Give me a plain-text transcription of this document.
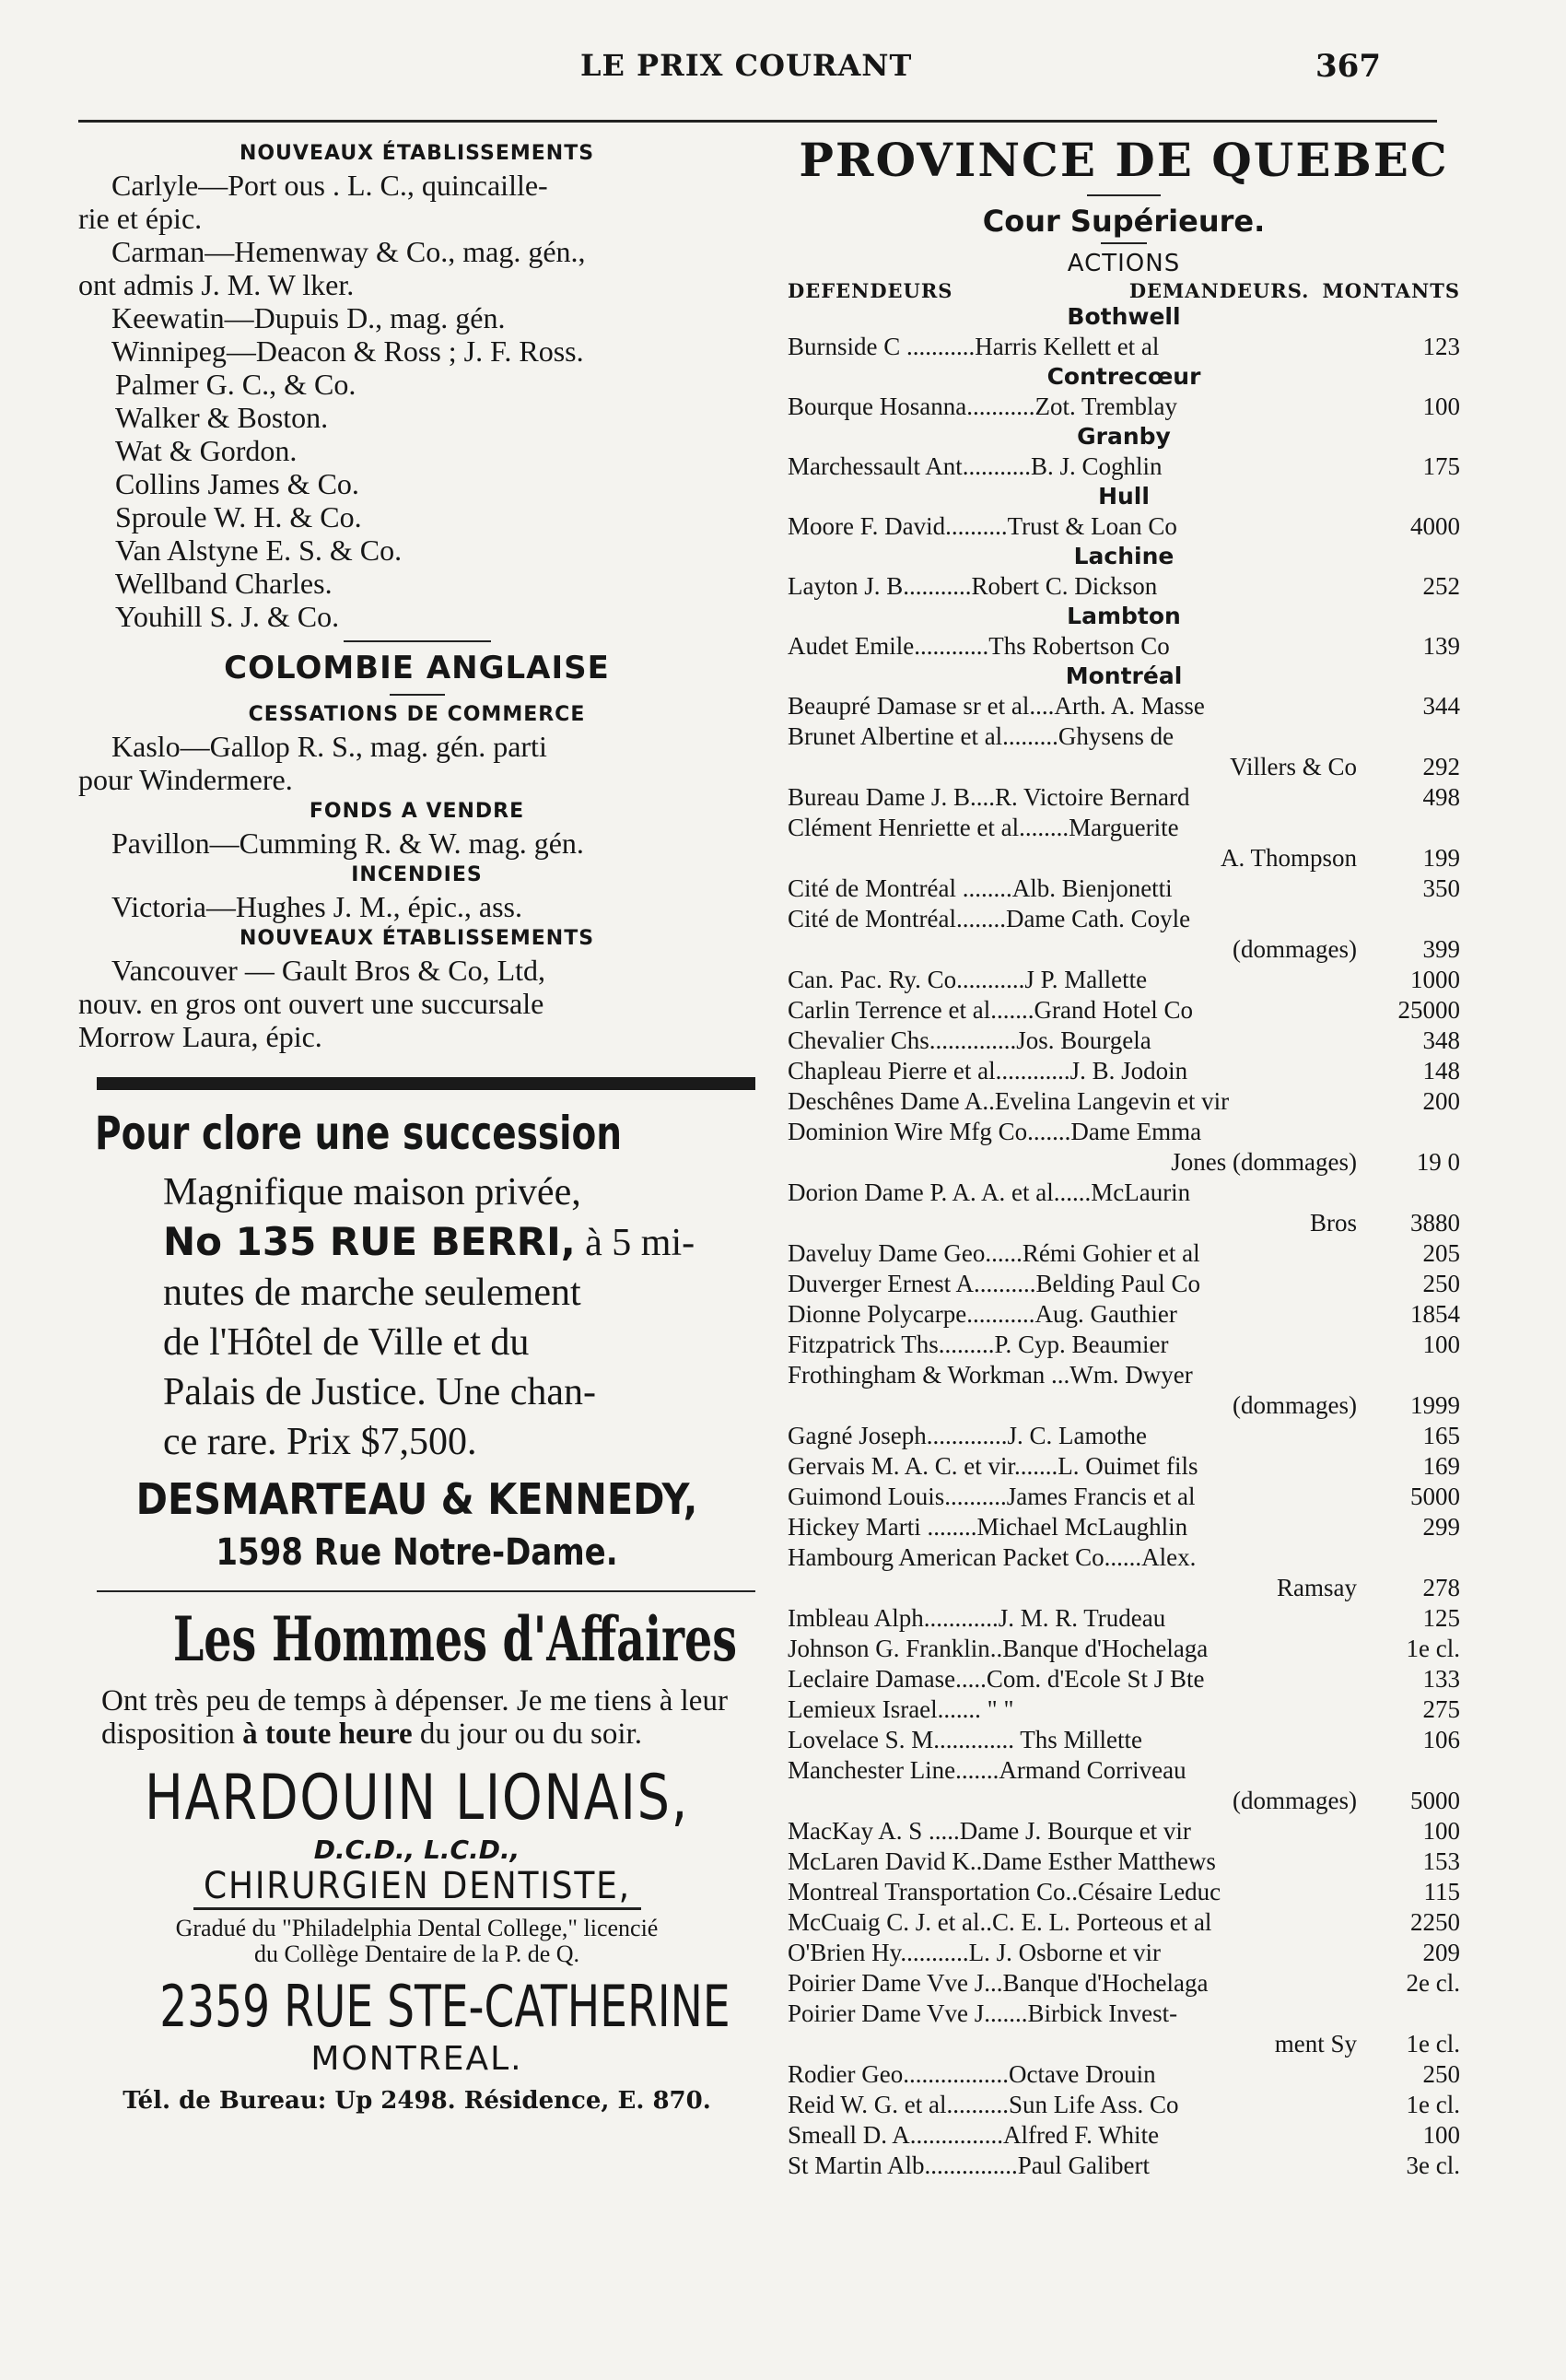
LE PRIX COURANT	367
NOUVEAUX ÉTABLISSEMENTS

Carlyle—Port ous . L. C., quincaille-

rie et épic.

Carman—Hemenway & Co., mag. gén.,

ont admis J. M. W lker.

Keewatin—Dupuis D., mag. gén.

Winnipeg—Deacon & Ross ; J. F. Ross.

Palmer G. C., & Co.

Walker & Boston.

Wat & Gordon.

Collins James & Co.

Sproule W. H. & Co.

Van Alstyne E. S. & Co.

Wellband Charles.

Youhill S. J. & Co.

COLOMBIE ANGLAISE
CESSATIONS DE COMMERCE

Kaslo—Gallop R. S., mag. gén. parti

pour Windermere.

FONDS A VENDRE

Pavillon—Cumming R. & W. mag. gén.

INCENDIES

Victoria—Hughes J. M., épic., ass.

NOUVEAUX ÉTABLISSEMENTS

Vancouver — Gault Bros & Co, Ltd,

nouv. en gros ont ouvert une succursale

Morrow Laura, épic.

Pour clore une succession
Magnifique maison privée,
No 135 RUE BERRI, à 5 mi-
nutes de marche seulement
de l'Hôtel de Ville et du
Palais de Justice. Une chan-
ce rare. Prix $7,500.
DESMARTEAU & KENNEDY,
1598 Rue Notre-Dame.
Les Hommes d'Affaires
Ont très peu de temps à dépenser. Je me tiens à leur disposition à toute heure du jour ou du soir.
HARDOUIN LIONAIS,
D.C.D., L.C.D.,
CHIRURGIEN DENTISTE,
Gradué du "Philadelphia Dental College," licencié
du Collège Dentaire de la P. de Q.
2359 RUE STE-CATHERINE
MONTREAL.
Tél. de Bureau: Up 2498. Résidence, E. 870.
PROVINCE DE QUEBEC
Cour Supérieure.
ACTIONS
DEFENDEURS	DEMANDEURS. MONTANTS
Bothwell
Burnside C ...........Harris Kellett et al	123
Contrecœur
Bourque Hosanna...........Zot. Tremblay	100
Granby
Marchessault Ant...........B. J. Coghlin	175
Hull
Moore F. David..........Trust & Loan Co	4000
Lachine
Layton J. B...........Robert C. Dickson	252
Lambton
Audet Emile............Ths Robertson Co	139
Montréal
Beaupré Damase sr et al....Arth. A. Masse	344
Brunet Albertine et al.........Ghysens de
Villers & Co	292
Bureau Dame J. B....R. Victoire Bernard	498
Clément Henriette et al........Marguerite
A. Thompson	199
Cité de Montréal ........Alb. Bienjonetti	350
Cité de Montréal........Dame Cath. Coyle
(dommages)	399
Can. Pac. Ry. Co...........J P. Mallette	1000
Carlin Terrence et al.......Grand Hotel Co	25000
Chevalier Chs..............Jos. Bourgela	348
Chapleau Pierre et al............J. B. Jodoin	148
Deschênes Dame A..Evelina Langevin et vir	200
Dominion Wire Mfg Co.......Dame Emma
Jones (dommages)	19 0
Dorion Dame P. A. A. et al......McLaurin
Bros	3880
Daveluy Dame Geo......Rémi Gohier et al	205
Duverger Ernest A..........Belding Paul Co	250
Dionne Polycarpe...........Aug. Gauthier	1854
Fitzpatrick Ths.........P. Cyp. Beaumier	100
Frothingham & Workman ...Wm. Dwyer
(dommages)	1999
Gagné Joseph.............J. C. Lamothe	165
Gervais M. A. C. et vir.......L. Ouimet fils	169
Guimond Louis..........James Francis et al	5000
Hickey Marti ........Michael McLaughlin	299
Hambourg American Packet Co......Alex.
Ramsay	278
Imbleau Alph............J. M. R. Trudeau	125
Johnson G. Franklin..Banque d'Hochelaga	1e cl.
Leclaire Damase.....Com. d'Ecole St J Bte	133
Lemieux Israel....... " "	275
Lovelace S. M............. Ths Millette	106
Manchester Line.......Armand Corriveau
(dommages)	5000
MacKay A. S .....Dame J. Bourque et vir	100
McLaren David K..Dame Esther Matthews	153
Montreal Transportation Co..Césaire Leduc	115
McCuaig C. J. et al..C. E. L. Porteous et al	2250
O'Brien Hy...........L. J. Osborne et vir	209
Poirier Dame Vve J...Banque d'Hochelaga	2e cl.
Poirier Dame Vve J.......Birbick Invest-
ment Sy	1e cl.
Rodier Geo.................Octave Drouin	250
Reid W. G. et al..........Sun Life Ass. Co	1e cl.
Smeall D. A...............Alfred F. White	100
St Martin Alb...............Paul Galibert	3e cl.
